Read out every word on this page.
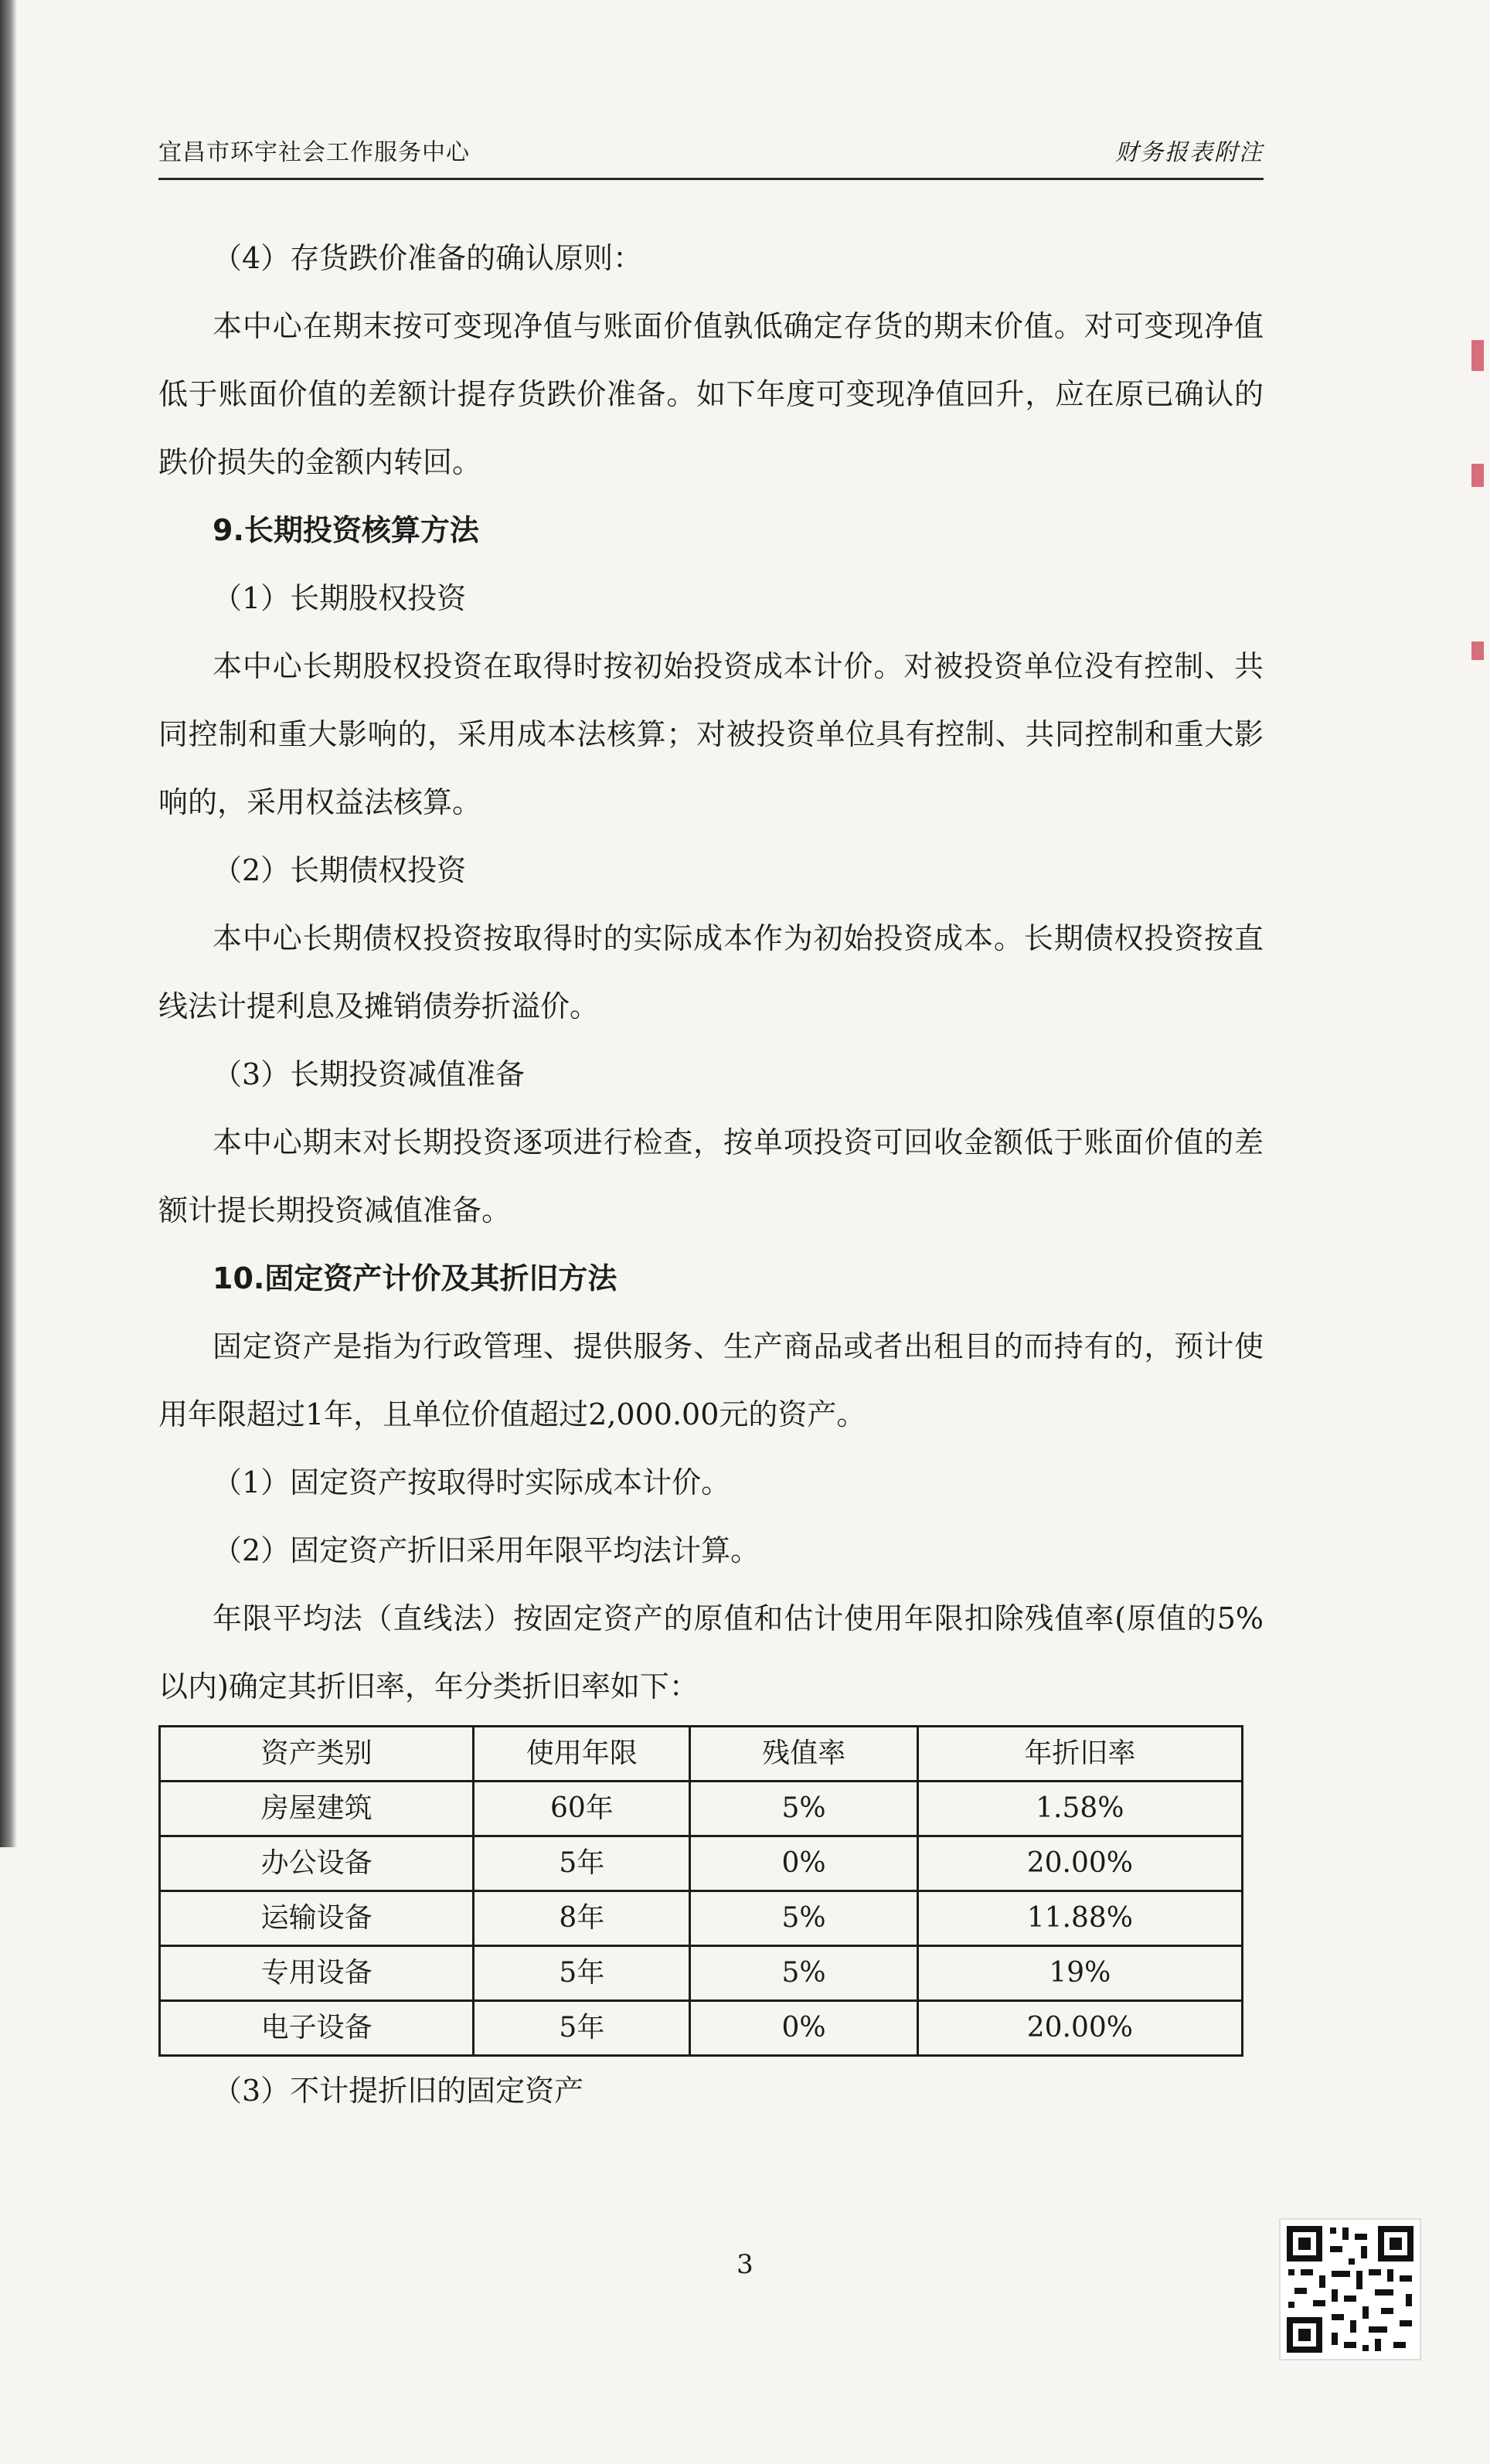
宜昌市环宇社会工作服务中心	财务报表附注

（4）存货跌价准备的确认原则：

本中心在期末按可变现净值与账面价值孰低确定存货的期末价值。对可变现净值低于账面价值的差额计提存货跌价准备。如下年度可变现净值回升，应在原已确认的跌价损失的金额内转回。

9.长期投资核算方法

（1）长期股权投资

本中心长期股权投资在取得时按初始投资成本计价。对被投资单位没有控制、共同控制和重大影响的，采用成本法核算；对被投资单位具有控制、共同控制和重大影响的，采用权益法核算。

（2）长期债权投资

本中心长期债权投资按取得时的实际成本作为初始投资成本。长期债权投资按直线法计提利息及摊销债券折溢价。

（3）长期投资减值准备

本中心期末对长期投资逐项进行检查，按单项投资可回收金额低于账面价值的差额计提长期投资减值准备。

10.固定资产计价及其折旧方法

固定资产是指为行政管理、提供服务、生产商品或者出租目的而持有的，预计使用年限超过1年，且单位价值超过2,000.00元的资产。

（1）固定资产按取得时实际成本计价。

（2）固定资产折旧采用年限平均法计算。

年限平均法（直线法）按固定资产的原值和估计使用年限扣除残值率(原值的5%以内)确定其折旧率，年分类折旧率如下：

资产类别	使用年限	残值率	年折旧率
房屋建筑	60年	5%	1.58%
办公设备	5年	0%	20.00%
运输设备	8年	5%	11.88%
专用设备	5年	5%	19%
电子设备	5年	0%	20.00%

（3）不计提折旧的固定资产

3
